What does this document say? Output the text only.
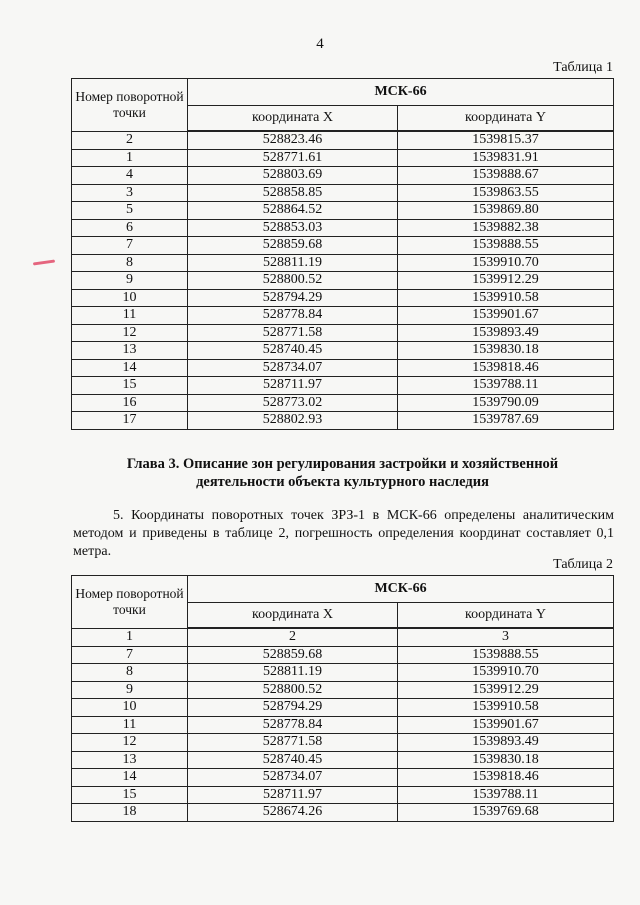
4
Таблица 1
Номер поворотной точки	МСК-66	
	координата X	координата Y
2	528823.46	1539815.37
1	528771.61	1539831.91
4	528803.69	1539888.67
3	528858.85	1539863.55
5	528864.52	1539869.80
6	528853.03	1539882.38
7	528859.68	1539888.55
8	528811.19	1539910.70
9	528800.52	1539912.29
10	528794.29	1539910.58
11	528778.84	1539901.67
12	528771.58	1539893.49
13	528740.45	1539830.18
14	528734.07	1539818.46
15	528711.97	1539788.11
16	528773.02	1539790.09
17	528802.93	1539787.69
Глава 3. Описание зон регулирования застройки и хозяйственной
деятельности объекта культурного наследия
5. Координаты поворотных точек ЗРЗ-1 в МСК-66 определены аналитическим методом и приведены в таблице 2, погрешность определения координат составляет 0,1 метра.
Таблица 2
Номер поворотной точки	МСК-66	
	координата X	координата Y
1	2	3
7	528859.68	1539888.55
8	528811.19	1539910.70
9	528800.52	1539912.29
10	528794.29	1539910.58
11	528778.84	1539901.67
12	528771.58	1539893.49
13	528740.45	1539830.18
14	528734.07	1539818.46
15	528711.97	1539788.11
18	528674.26	1539769.68
